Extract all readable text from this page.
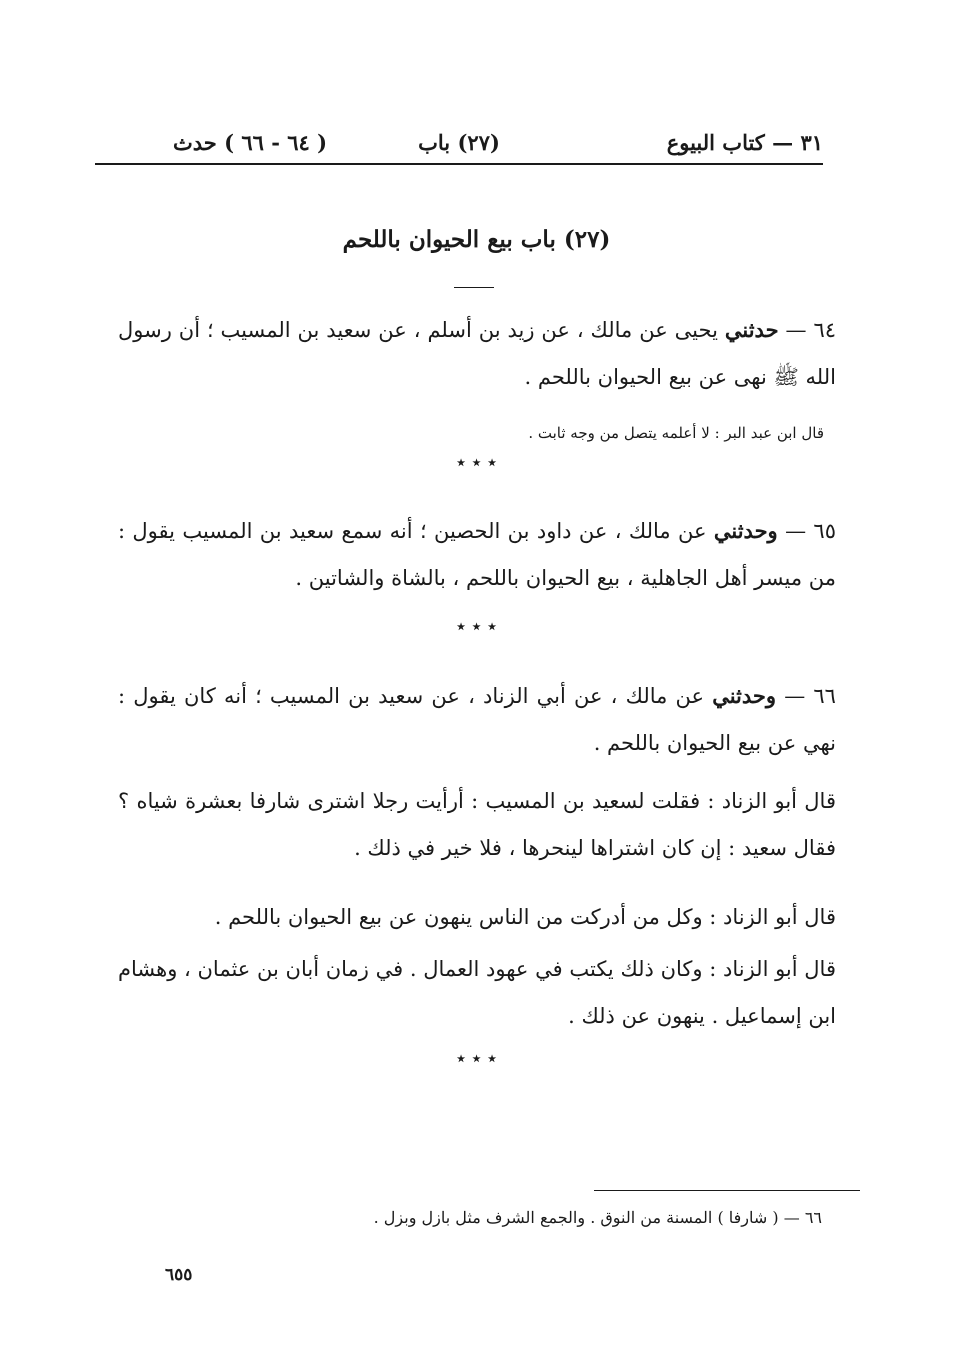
٣١ — كتاب البيوع
(٢٧) باب
( ٦٤ - ٦٦ ) حدث
(٢٧) باب بيع الحيوان باللحم
٦٤ — حدثني يحيى عن مالك ، عن زيد بن أسلم ، عن سعيد بن المسيب ؛ أن رسول الله ﷺ نهى عن بيع الحيوان باللحم .
قال ابن عبد البر : لا أعلمه يتصل من وجه ثابت .
٭ ٭ ٭
٦٥ — وحدثني عن مالك ، عن داود بن الحصين ؛ أنه سمع سعيد بن المسيب يقول : من ميسر أهل الجاهلية ، بيع الحيوان باللحم ، بالشاة والشاتين .
٭ ٭ ٭
٦٦ — وحدثني عن مالك ، عن أبي الزناد ، عن سعيد بن المسيب ؛ أنه كان يقول : نهي عن بيع الحيوان باللحم .
قال أبو الزناد : فقلت لسعيد بن المسيب : أرأيت رجلا اشترى شارفا بعشرة شياه ؟ فقال سعيد : إن كان اشتراها لينحرها ، فلا خير في ذلك .
قال أبو الزناد : وكل من أدركت من الناس ينهون عن بيع الحيوان باللحم .
قال أبو الزناد : وكان ذلك يكتب في عهود العمال . في زمان أبان بن عثمان ، وهشام ابن إسماعيل . ينهون عن ذلك .
٭ ٭ ٭
٦٦ — ( شارفا ) المسنة من النوق . والجمع الشرف مثل بازل وبزل .
٦٥٥
